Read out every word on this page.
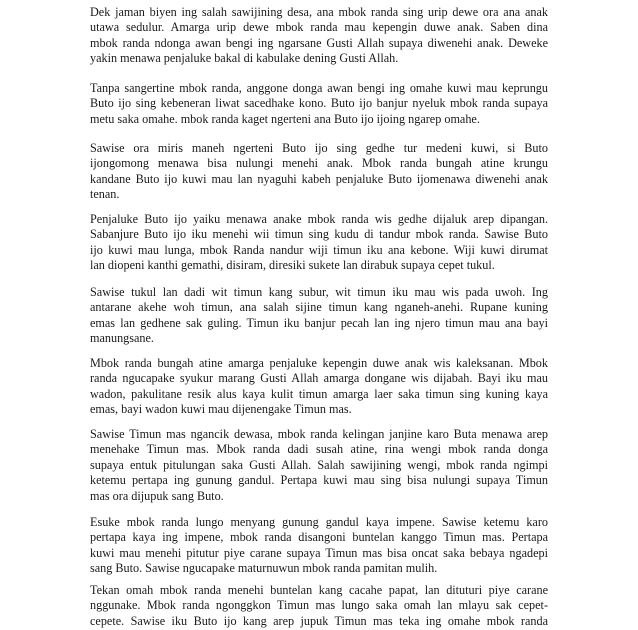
Dek jaman biyen ing salah sawijining desa, ana mbok randa sing urip dewe ora ana anak
utawa sedulur. Amarga urip dewe mbok randa mau kepengin duwe anak. Saben dina
mbok randa ndonga awan bengi ing ngarsane Gusti Allah supaya diwenehi anak. Deweke
yakin menawa penjaluke bakal di kabulake dening Gusti Allah.

Tanpa sangertine mbok randa, anggone donga awan bengi ing omahe kuwi mau keprungu
Buto ijo sing kebeneran liwat sacedhake kono. Buto ijo banjur nyeluk mbok randa supaya
metu saka omahe. mbok randa kaget ngerteni ana Buto ijo ijoing ngarep omahe.

Sawise ora miris maneh ngerteni Buto ijo sing gedhe tur medeni kuwi, si Buto
ijongomong menawa bisa nulungi menehi anak. Mbok randa bungah atine krungu
kandane Buto ijo kuwi mau lan nyaguhi kabeh penjaluke Buto ijomenawa diwenehi anak
tenan.

Penjaluke Buto ijo yaiku menawa anake mbok randa wis gedhe dijaluk arep dipangan.
Sabanjure Buto ijo iku menehi wii timun sing kudu di tandur mbok randa. Sawise Buto
ijo kuwi mau lunga, mbok Randa nandur wiji timun iku ana kebone. Wiji kuwi dirumat
lan diopeni kanthi gemathi, disiram, diresiki sukete lan dirabuk supaya cepet tukul.

Sawise tukul lan dadi wit timun kang subur, wit timun iku mau wis pada uwoh. Ing
antarane akehe woh timun, ana salah sijine timun kang nganeh-anehi. Rupane kuning
emas lan gedhene sak guling. Timun iku banjur pecah lan ing njero timun mau ana bayi
manungsane.

Mbok randa bungah atine amarga penjaluke kepengin duwe anak wis kaleksanan. Mbok
randa ngucapake syukur marang Gusti Allah amarga dongane wis dijabah. Bayi iku mau
wadon, pakulitane resik alus kaya kulit timun amarga laer saka timun sing kuning kaya
emas, bayi wadon kuwi mau dijenengake Timun mas.

Sawise Timun mas ngancik dewasa, mbok randa kelingan janjine karo Buta menawa arep
menehake Timun mas. Mbok randa dadi susah atine, rina wengi mbok randa donga
supaya entuk pitulungan saka Gusti Allah. Salah sawijining wengi, mbok randa ngimpi
ketemu pertapa ing gunung gandul. Pertapa kuwi mau sing bisa nulungi supaya Timun
mas ora dijupuk sang Buto.

Esuke mbok randa lungo menyang gunung gandul kaya impene. Sawise ketemu karo
pertapa kaya ing impene, mbok randa disangoni buntelan kanggo Timun mas. Pertapa
kuwi mau menehi pitutur piye carane supaya Timun mas bisa oncat saka bebaya ngadepi
sang Buto. Sawise ngucapake maturnuwun mbok randa pamitan mulih.

Tekan omah mbok randa menehi buntelan kang cacahe papat, lan dituturi piye carane
nggunake. Mbok randa ngonggkon Timun mas lungo saka omah lan mlayu sak cepet-
cepete. Sawise iku Buto ijo kang arep jupuk Timun mas teka ing omahe mbok randa
